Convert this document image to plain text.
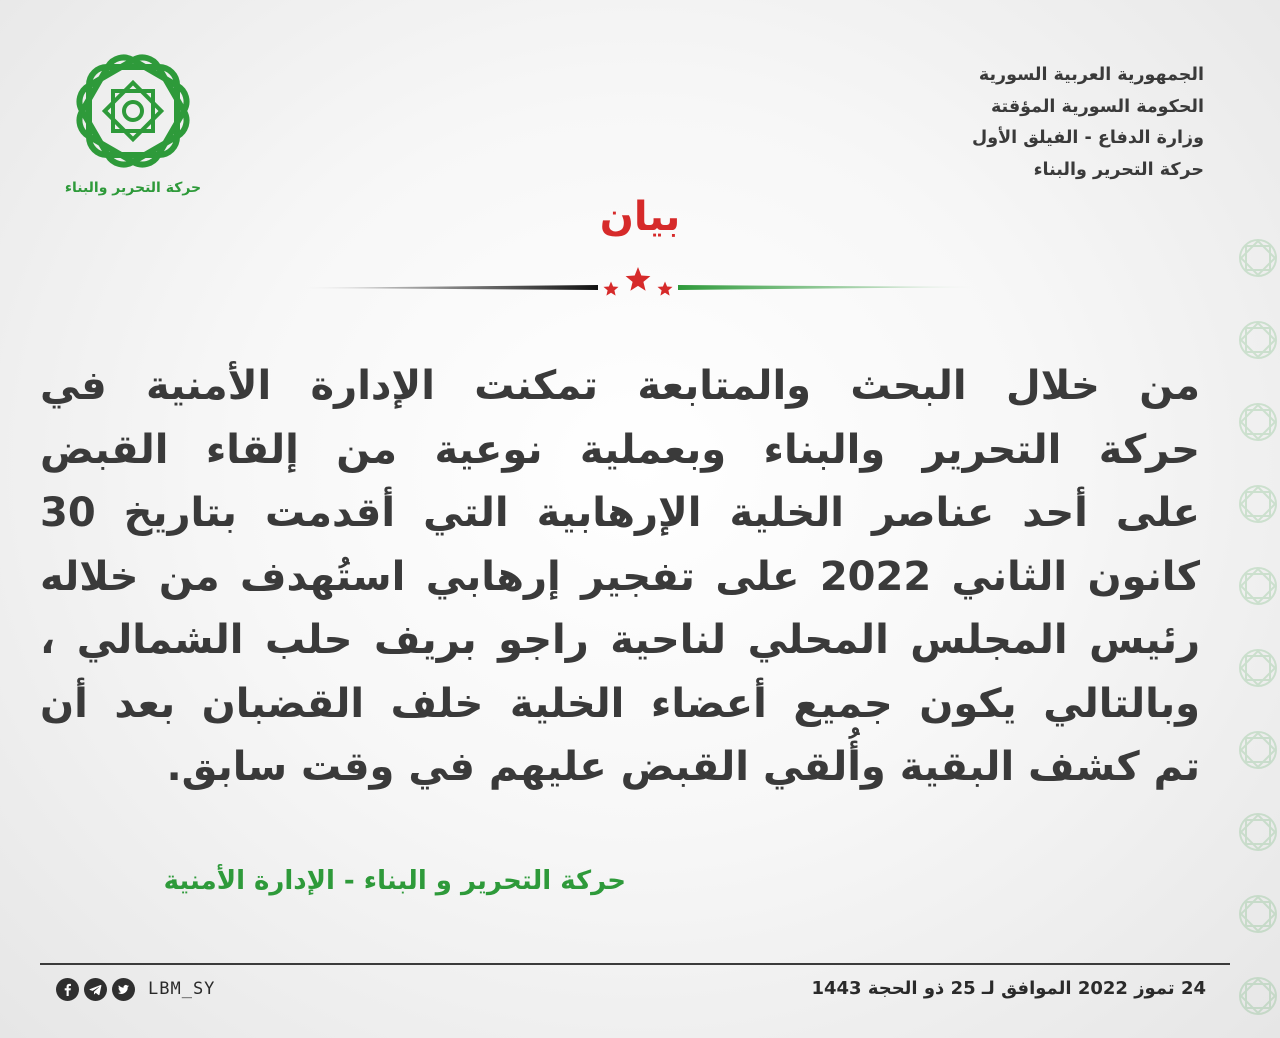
حركة التحرير والبناء
الجمهورية العربية السورية
الحكومة السورية المؤقتة
وزارة الدفاع - الفيلق الأول
حركة التحرير والبناء
بيان
من خلال البحث والمتابعة تمكنت الإدارة الأمنية في
حركة التحرير والبناء وبعملية نوعية من إلقاء القبض
على أحد عناصر الخلية الإرهابية التي أقدمت بتاريخ 30
كانون الثاني 2022 على تفجير إرهابي استُهدف من خلاله
رئيس المجلس المحلي لناحية راجو بريف حلب الشمالي ،
وبالتالي يكون جميع أعضاء الخلية خلف القضبان بعد أن
تم كشف البقية وأُلقي القبض عليهم في وقت سابق.
حركة التحرير و البناء - الإدارة الأمنية
24 تموز 2022 الموافق لـ 25 ذو الحجة 1443
LBM_SY
